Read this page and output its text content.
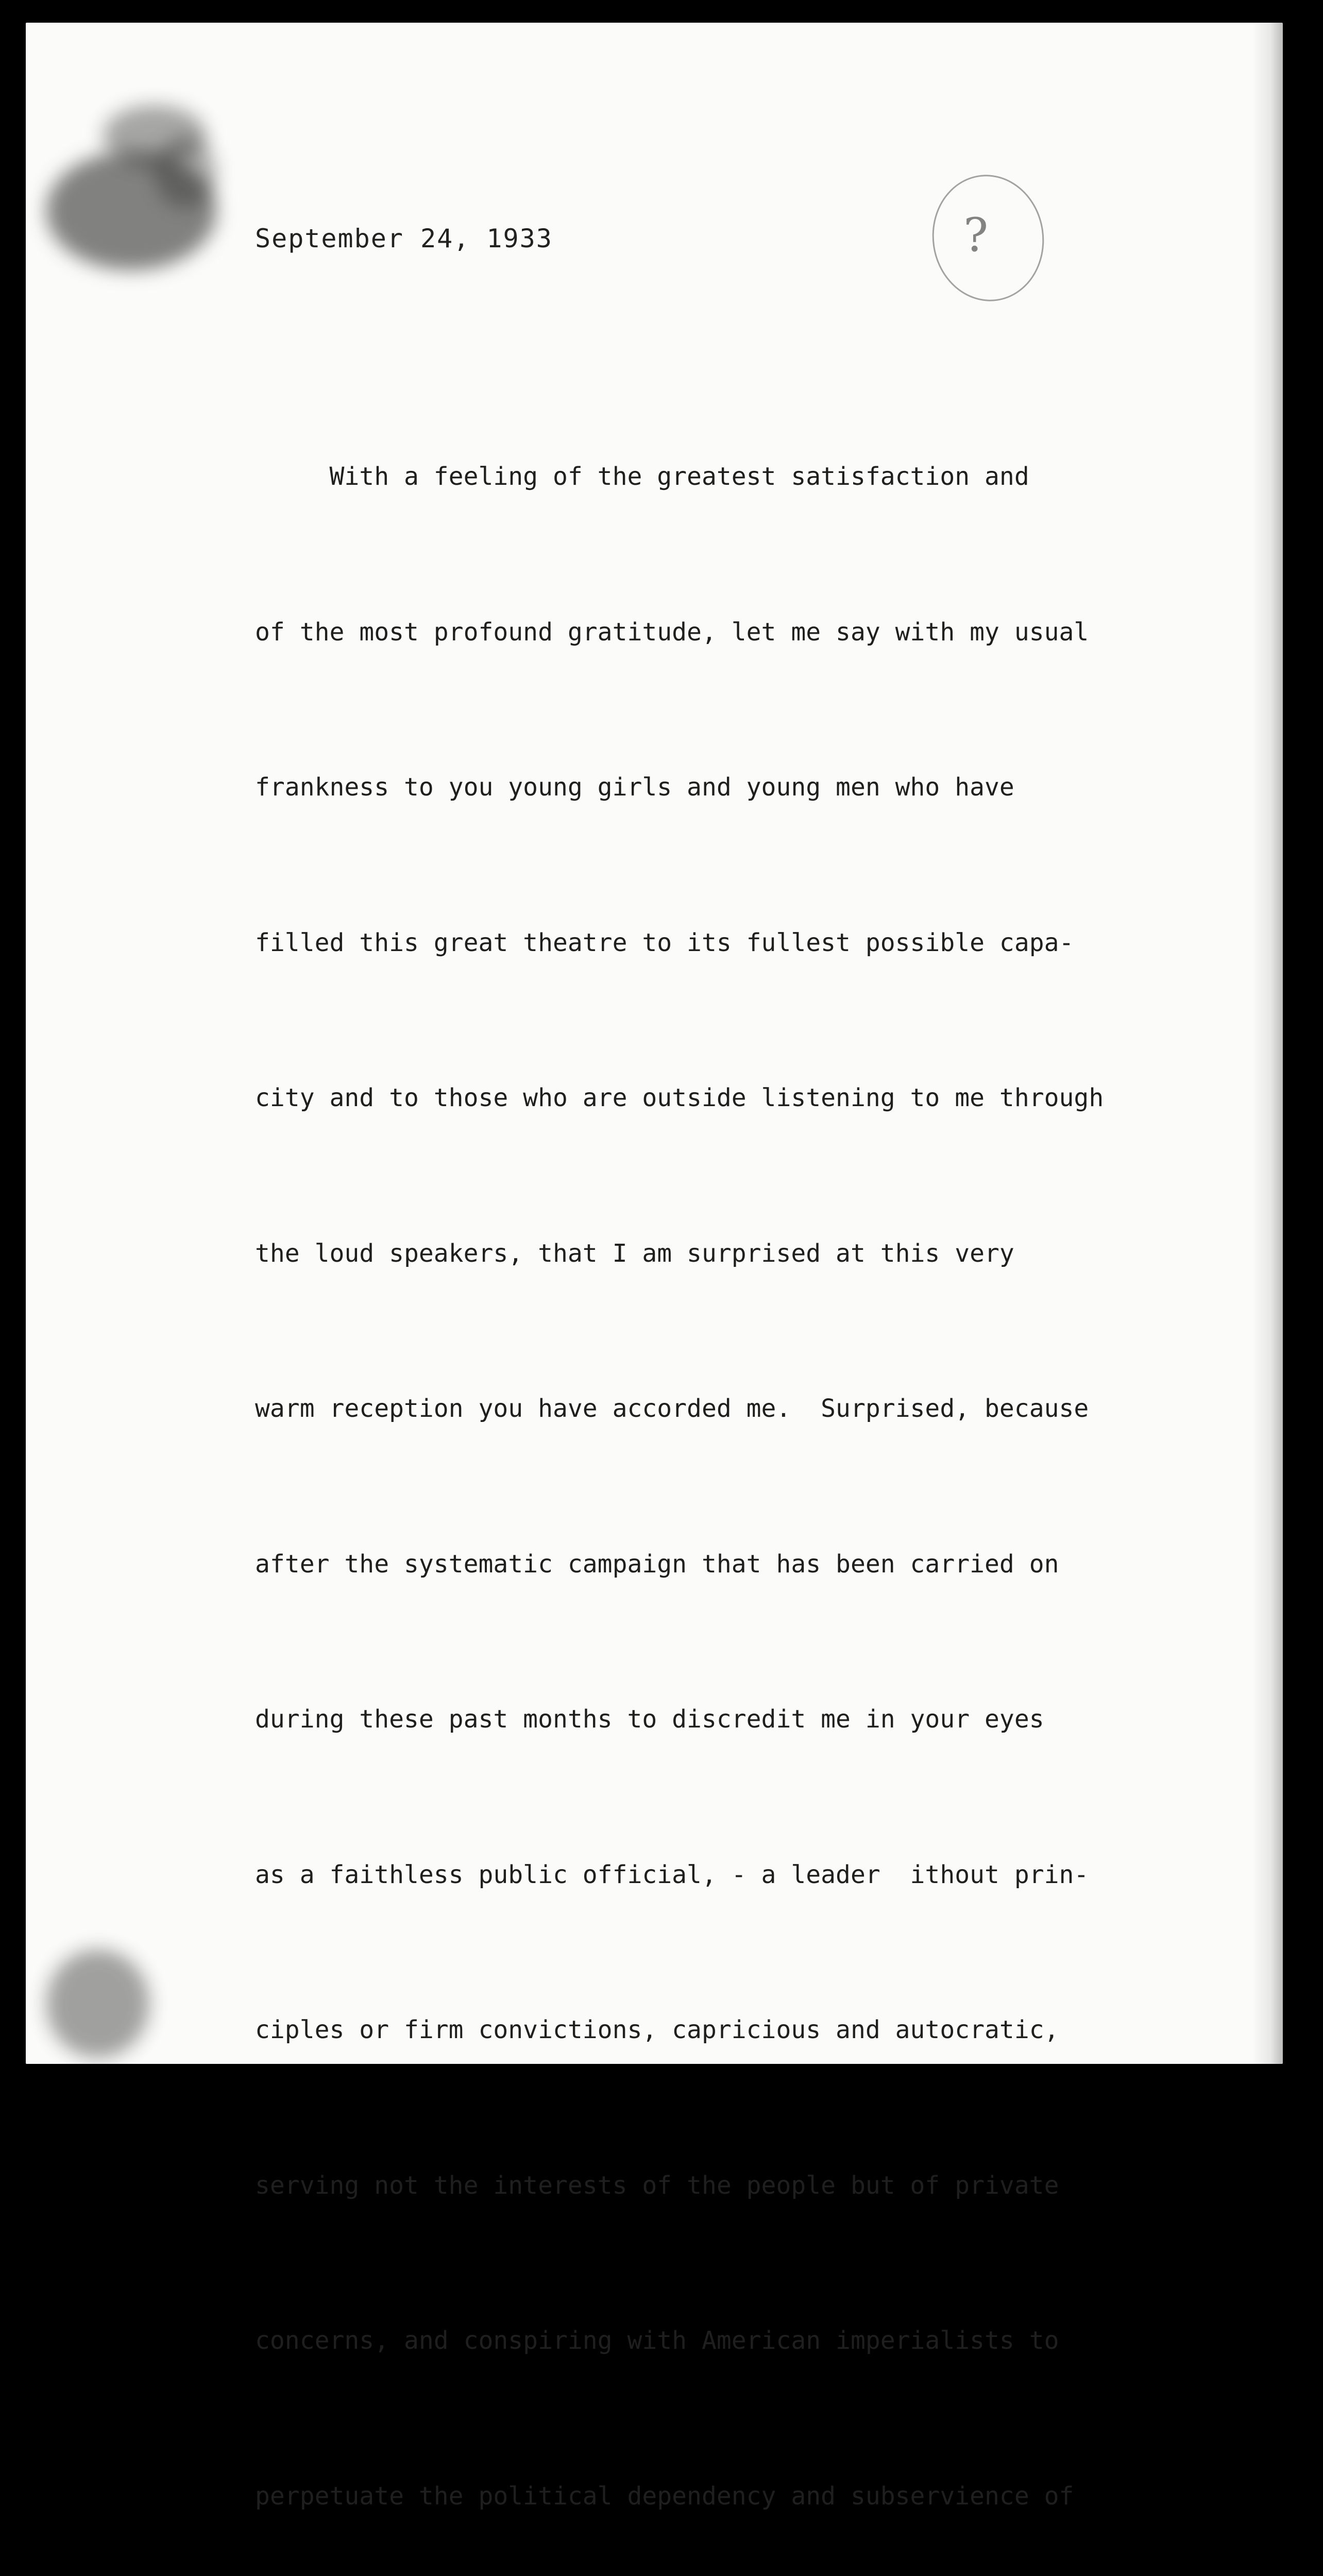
?
September 24, 1933

With a feeling of the greatest satisfaction and

of the most profound gratitude, let me say with my usual

frankness to you young girls and young men who have

filled this great theatre to its fullest possible capa-

city and to those who are outside listening to me through

the loud speakers, that I am surprised at this very

warm reception you have accorded me.  Surprised, because

after the systematic campaign that has been carried on

during these past months to discredit me in your eyes

as a faithless public official, - a leader  ithout prin-

ciples or firm convictions, capricious and autocratic,

serving not the interests of the people but of private

concerns, and conspiring with American imperialists to

perpetuate the political dependency and subservience of
